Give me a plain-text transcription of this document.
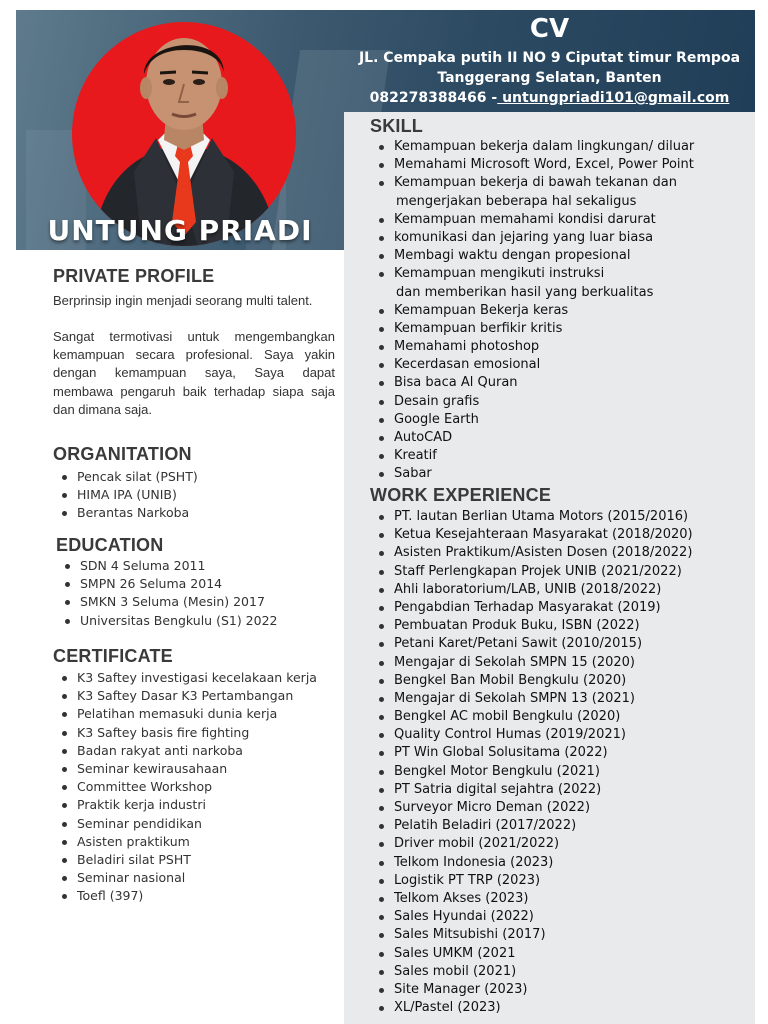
UNTUNG PRIADI
CV

JL. Cempaka putih II NO 9 Ciputat timur Rempoa

Tanggerang Selatan, Banten

082278388466 - untungpriadi101@gmail.com

PRIVATE PROFILE

Berprinsip ingin menjadi seorang multi talent.

Sangat termotivasi untuk mengembangkan kemampuan secara profesional. Saya yakin dengan kemampuan saya, Saya dapat membawa pengaruh baik terhadap siapa saja dan dimana saja.

ORGANITATION
Pencak silat (PSHT)
HIMA IPA (UNIB)
Berantas Narkoba
EDUCATION
SDN 4 Seluma 2011
SMPN 26 Seluma 2014
SMKN 3 Seluma (Mesin) 2017
Universitas Bengkulu (S1) 2022
CERTIFICATE
K3 Saftey investigasi kecelakaan kerja
K3 Saftey Dasar K3 Pertambangan
Pelatihan memasuki dunia kerja
K3 Saftey basis fire fighting
Badan rakyat anti narkoba
Seminar kewirausahaan
Committee Workshop
Praktik kerja industri
Seminar pendidikan
Asisten praktikum
Beladiri silat PSHT
Seminar nasional
Toefl (397)
SKILL
Kemampuan bekerja dalam lingkungan/ diluar
Memahami Microsoft Word, Excel, Power Point
Kemampuan bekerja di bawah tekanan dan
mengerjakan beberapa hal sekaligus
Kemampuan memahami kondisi darurat
komunikasi dan jejaring yang luar biasa
Membagi waktu dengan propesional
Kemampuan mengikuti instruksi
dan memberikan hasil yang berkualitas
Kemampuan Bekerja keras
Kemampuan berfikir kritis
Memahami photoshop
Kecerdasan emosional
Bisa baca Al Quran
Desain grafis
Google Earth
AutoCAD
Kreatif
Sabar
WORK EXPERIENCE
PT. lautan Berlian Utama Motors (2015/2016)
Ketua Kesejahteraan Masyarakat (2018/2020)
Asisten Praktikum/Asisten Dosen (2018/2022)
Staff Perlengkapan Projek UNIB (2021/2022)
Ahli laboratorium/LAB, UNIB (2018/2022)
Pengabdian Terhadap Masyarakat (2019)
Pembuatan Produk Buku, ISBN (2022)
Petani Karet/Petani Sawit (2010/2015)
Mengajar di Sekolah SMPN 15 (2020)
Bengkel Ban Mobil Bengkulu (2020)
Mengajar di Sekolah SMPN 13 (2021)
Bengkel AC mobil Bengkulu (2020)
Quality Control Humas (2019/2021)
PT Win Global Solusitama (2022)
Bengkel Motor Bengkulu (2021)
PT Satria digital sejahtra (2022)
Surveyor Micro Deman (2022)
Pelatih Beladiri (2017/2022)
Driver mobil (2021/2022)
Telkom Indonesia (2023)
Logistik PT TRP (2023)
Telkom Akses (2023)
Sales Hyundai (2022)
Sales Mitsubishi (2017)
Sales UMKM (2021
Sales mobil (2021)
Site Manager (2023)
XL/Pastel (2023)
